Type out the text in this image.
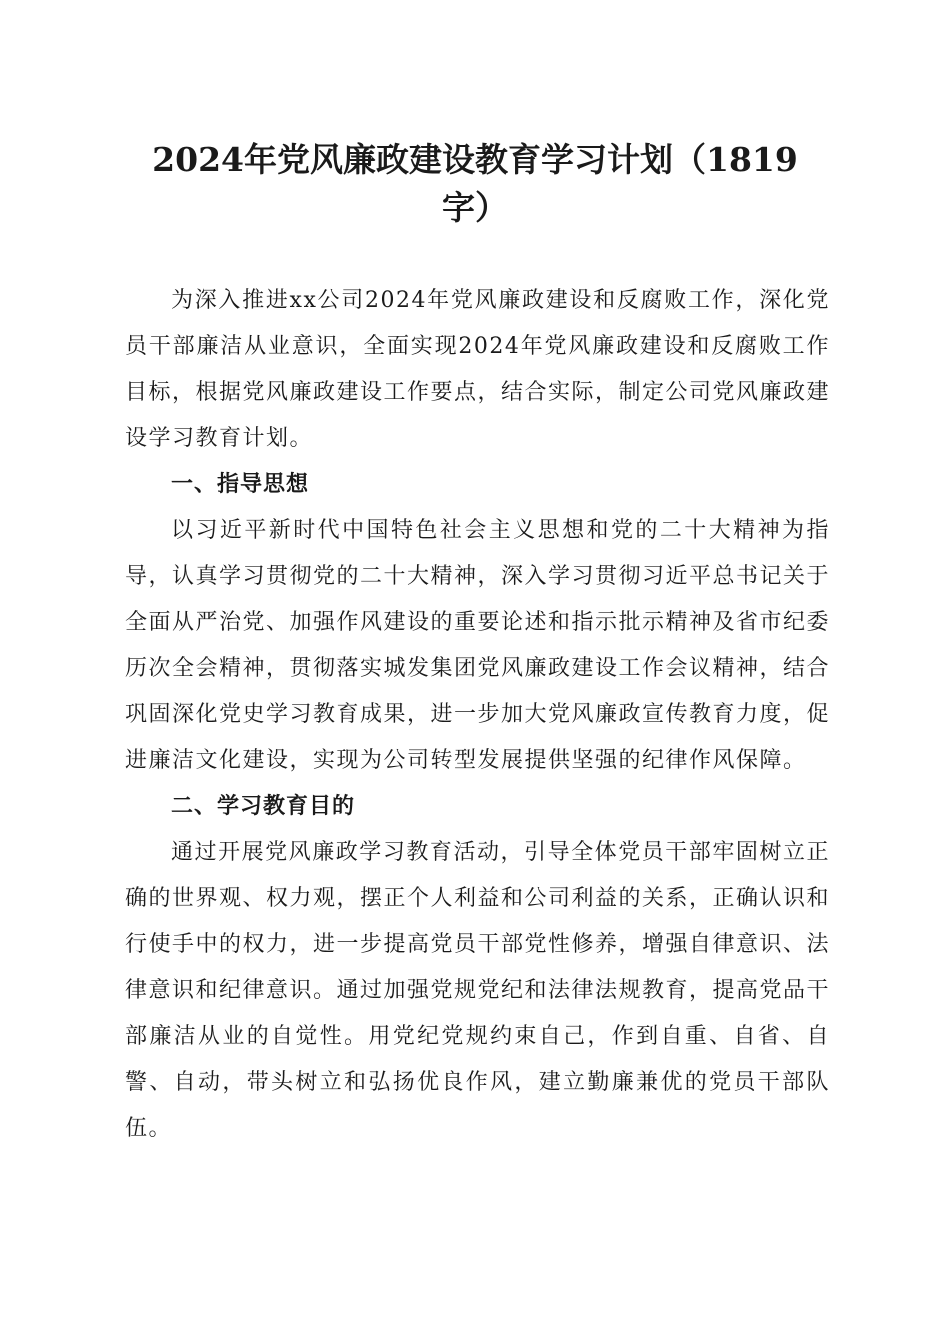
2024年党风廉政建设教育学习计划（1819字）

为深入推进xx公司2024年党风廉政建设和反腐败工作，深化党员干部廉洁从业意识，全面实现2024年党风廉政建设和反腐败工作目标，根据党风廉政建设工作要点，结合实际，制定公司党风廉政建设学习教育计划。

一、指导思想

以习近平新时代中国特色社会主义思想和党的二十大精神为指导，认真学习贯彻党的二十大精神，深入学习贯彻习近平总书记关于全面从严治党、加强作风建设的重要论述和指示批示精神及省市纪委历次全会精神，贯彻落实城发集团党风廉政建设工作会议精神，结合巩固深化党史学习教育成果，进一步加大党风廉政宣传教育力度，促进廉洁文化建设，实现为公司转型发展提供坚强的纪律作风保障。

二、学习教育目的

通过开展党风廉政学习教育活动，引导全体党员干部牢固树立正确的世界观、权力观，摆正个人利益和公司利益的关系，正确认识和行使手中的权力，进一步提高党员干部党性修养，增强自律意识、法律意识和纪律意识。通过加强党规党纪和法律法规教育，提高党品干部廉洁从业的自觉性。用党纪党规约束自己，作到自重、自省、自警、自动，带头树立和弘扬优良作风，建立勤廉兼优的党员干部队伍。
